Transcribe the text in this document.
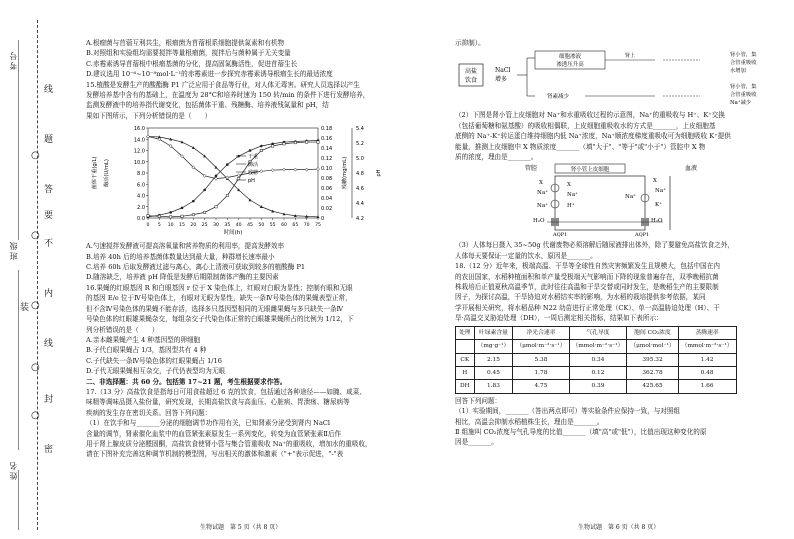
考号
班级
姓名
○
○
○
○
○
线
题
答
要
不
内
线
封
密
装

A.根瘤菌与苜蓿互利共生，根瘤菌为苜蓿根系细胞提供氮素和有机物

B.对照组和实验组均需要搅拌等量根瘤菌，搅拌后与菌种属于无关变量

C.赤霉素诱导苜蓿根中根瘤基菌的分化，提高固氮酶活性，促进苜蓿生长

D.建议选用 10⁻⁶~10⁻⁸mol·L⁻¹的赤霉素进一步探究赤霉素诱导根瘤生长的最适浓度

15.植酸是发酵生产的酸酯酶 P1 广泛应用于食品等行业，对人体无毒害。研究人员选择以产生

发酵培养基中含有的基础上，在温度为 28°C和培养时速为 150 转/min 的条件下进行发酵培养，

监测发酵液中的培养指代谢变化，包括菌体干重、残糖酶、培养液残氮量和 pH，结

果如下图所示，下列分析错误的是（　　）

0.0
2.0
4.0
6.0
8.0
10.0
12.0
14.0
16.0
0
0.02
0.04
0.06
0.08
0.10
0.12
0.14
0.16
0.18
4.2
4.4
4.6
4.8
5.0
5.2
5.4
0 5 10 15 20 25 30 35 40 45 50 55 60 65 70 75
时间(h)
菌体干重(g/L)	酶活(U/mL)	残糖(mg/mL)	pH
干重
酶活
残糖
pH

A.勺速搅拌发酵液可提高溶氧量和营养物质的利用率，提高发酵效率

B.培养 40h 后的培养基菌体数量达到最大量，种群增长速率最小

C.培养 60h 后取发酵液过滤与离心，离心上清液可获取到较多的植酸酶 P1

D.随溶缺乏，培养液 pH 降低是发酵后期限制菌体产酶的主要因素

16.果蝇的红眼基因 R 和白眼基因 r 位于 X 染色体上，红眼对白眼为显性；控制有眼和无眼

的基因 E/e 位于Ⅳ号染色体上，有眼对无眼为显性，缺失一条Ⅳ号染色体的果蝇表型正常，

但不含Ⅳ号染色体的果蝇不能存活，选择多只基因型相同的无眼雌果蝇与多只缺失一条Ⅳ

号染色体的红眼雄果蝇杂交，每组杂交子代染色体正常的白眼雄果蝇所占的比例为 1/12，下

列分析错误的是（　　）

A.亲本雌果蝇产生 4 种基因型的卵细胞

B.子代白眼果蝇占 1/3，基因型共有 4 种

C.子代缺失一条Ⅳ号染色体的红眼果蝇占 1/16

D.子代无眼果蝇相互杂交，子代仍表型均为无眼

二、非选择题：共 60 分。包括第 17~21 题，考生根据要求作答。

17.（13 分）高盐饮食是指每日可用食盐超过 6 克的饮食，包括通过各种途径——如腌、咸菜、

味精等调味品摄入盐份量，研究发现，长期高盐饮食与高血压、心脏病、胃溃疡、糖尿病等

疾病的发生存在密切关系。回答下列问题：

（1）在饮手和与_______分泌的细胞调节功作用有关，已知肾素分泌受到肾内 NaCl

含量的调节，肾素催化血浆中的血管紧张素原发生一系列变化，转变为血管紧张素Ⅱ后作

用于肾上腺皮质分泌醛固酮，高盐饮食使肾小管与集合管重吸收 Na⁺的重吸收，增加水的重吸收，

请在下图补充完善这种调节机制的模型图，写出相关的激体和激素（"+"表示促进，"-"表

生物试题　第 5 页（共 8 页）

示抑制）。

高盐
饮食
NaCl
增多
细胞渗液
渗透压升高
肾素减少
肾上	肾小管，集
合管重吸收
水增加
肾小管，集
合管重吸收
Na⁺减少

（2）下图是肾小管上皮细胞对 Na⁺和水重吸收过程的示意图，Na⁺的重吸收与 H⁺、K⁺交换

（包括葡萄糖和氨基酸）的吸收相偶联，上皮细胞重吸收水的方式是_______，上皮细胞基

底侧的 Na⁺-K⁺转运蛋白维持细胞内低 Na⁺浓度，Na⁺顺浓度梯度重吸收可为细胞吸收 K⁺提供

能量，推测上皮细胞中 X 物质浓度_______（填"大于"、"等于"或"小于"）管腔中 X 物

质的浓度，理由是_______。

管腔	肾小管上皮细胞	血液
X
Na⁺
X
Na⁺
H⁺
Na⁺
Na⁺
Na⁺
K⁺
X
H₂O
AQP1
H₂O
AQP1

（3）人体每日摄入 35~50g 代谢废物必须溶解后随尿液排出体外，除了要避免高盐饮食之外，

人体每天要保证一定量的饮水，原因是_______。

18.（12 分）近年来，极端高温、干旱等全球性自然灾害频繁发生且规模大，包括中国在内

的农田国家，水稻种植面积和单产量受极端天气影响而下降的现象普遍存在，双季晚稻抗菌

株栽培后正值夏秋高温季节，此时往往高温和干旱交替或同时发生，是晚稻生产的主要限制

因子，为探讨高温，干旱协迫对水稻结实率的影响，为水稻的栽培提供参考依据，某同

学开展相关研究，将水稻品种 N22 幼苗进行正常处理（CK）、单一高温胁迫处理（H）、干

旱·高温交叉胁迫处理（DH），一周后测定相关指标，结果如下表所示：

处理	叶绿素含量	净光合速率	气孔导度	胞间 CO₂浓度	蒸腾速率
	（mg·g⁻¹）	（μmol·m⁻²·s⁻¹）	（mmol·m⁻²·s⁻¹）	（μmol·mol⁻¹）	（mmol·m⁻²·s⁻¹）
CK	2.15	5.38	0.34	395.32	1.42
H	0.45	1.78	0.12	362.78	0.48
DH	1.83	4.75	0.39	425.65	1.66

回答下列问题：

（1）实验期间，_______（答出两点即可）等实验条件应保持一致，与对照组

相比，高温会抑制水稻植株生长，理由是_______。

Ⅱ 组施叫 CO₂浓度与气孔导度的比值_______（填"高"或"低"），比值出现这种变化的原

因是_______。

生物试题　第 6 页（共 8 页）
